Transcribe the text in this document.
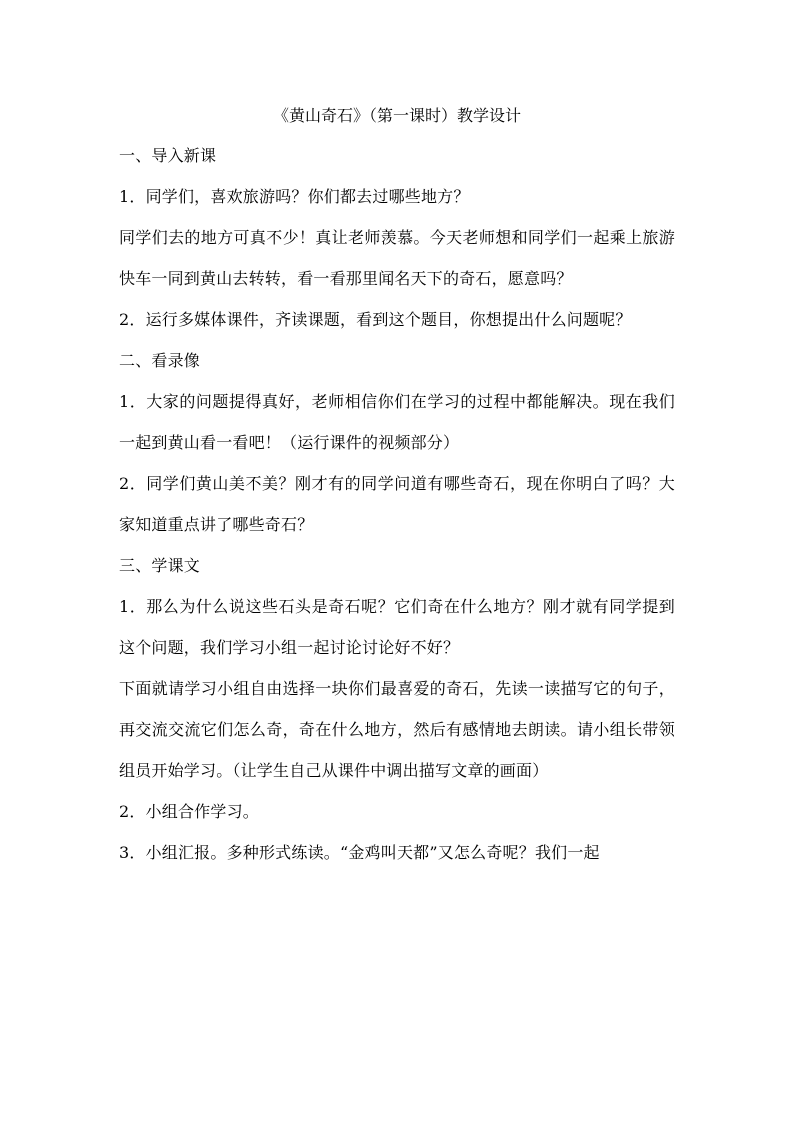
《黄山奇石》（第一课时）教学设计

一、导入新课

1．同学们，喜欢旅游吗？你们都去过哪些地方？

同学们去的地方可真不少！真让老师羡慕。今天老师想和同学们一起乘上旅游快车一同到黄山去转转，看一看那里闻名天下的奇石，愿意吗？

2．运行多媒体课件，齐读课题，看到这个题目，你想提出什么问题呢？

二、看录像

1．大家的问题提得真好，老师相信你们在学习的过程中都能解决。现在我们一起到黄山看一看吧！（运行课件的视频部分）

2．同学们黄山美不美？刚才有的同学问道有哪些奇石，现在你明白了吗？大家知道重点讲了哪些奇石？

三、学课文

1．那么为什么说这些石头是奇石呢？它们奇在什么地方？刚才就有同学提到这个问题，我们学习小组一起讨论讨论好不好？

下面就请学习小组自由选择一块你们最喜爱的奇石，先读一读描写它的句子，再交流交流它们怎么奇，奇在什么地方，然后有感情地去朗读。请小组长带领组员开始学习。（让学生自己从课件中调出描写文章的画面）

2．小组合作学习。

3．小组汇报。多种形式练读。“金鸡叫天都”又怎么奇呢？我们一起
